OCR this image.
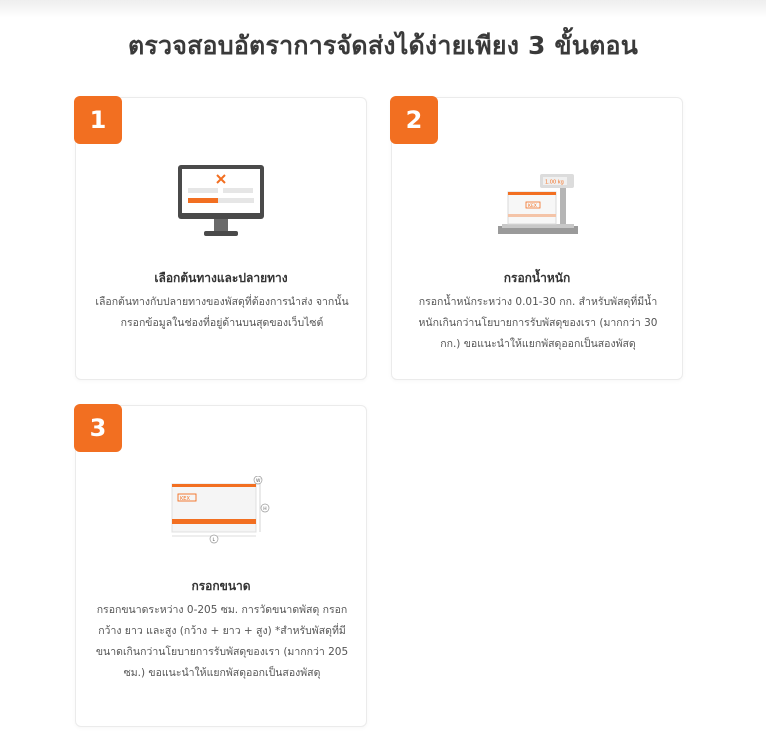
ตรวจสอบอัตราการจัดส่งได้ง่ายเพียง 3 ขั้นตอน
1
เลือกต้นทางและปลายทาง

เลือกต้นทางกับปลายทางของพัสดุที่ต้องการนำส่ง จากนั้นกรอกข้อมูลในช่องที่อยู่ด้านบนสุดของเว็บไซต์

2
1.00 kg
KEX
กรอกน้ำหนัก

กรอกน้ำหนักระหว่าง 0.01-30 กก. สำหรับพัสดุที่มีน้ำหนักเกินกว่านโยบายการรับพัสดุของเรา (มากกว่า 30 กก.) ขอแนะนำให้แยกพัสดุออกเป็นสองพัสดุ

3
KEX
W
H
L
กรอกขนาด

กรอกขนาดระหว่าง 0-205 ซม. การวัดขนาดพัสดุ กรอกกว้าง ยาว และสูง (กว้าง + ยาว + สูง) *สำหรับพัสดุที่มีขนาดเกินกว่านโยบายการรับพัสดุของเรา (มากกว่า 205 ซม.) ขอแนะนำให้แยกพัสดุออกเป็นสองพัสดุ
